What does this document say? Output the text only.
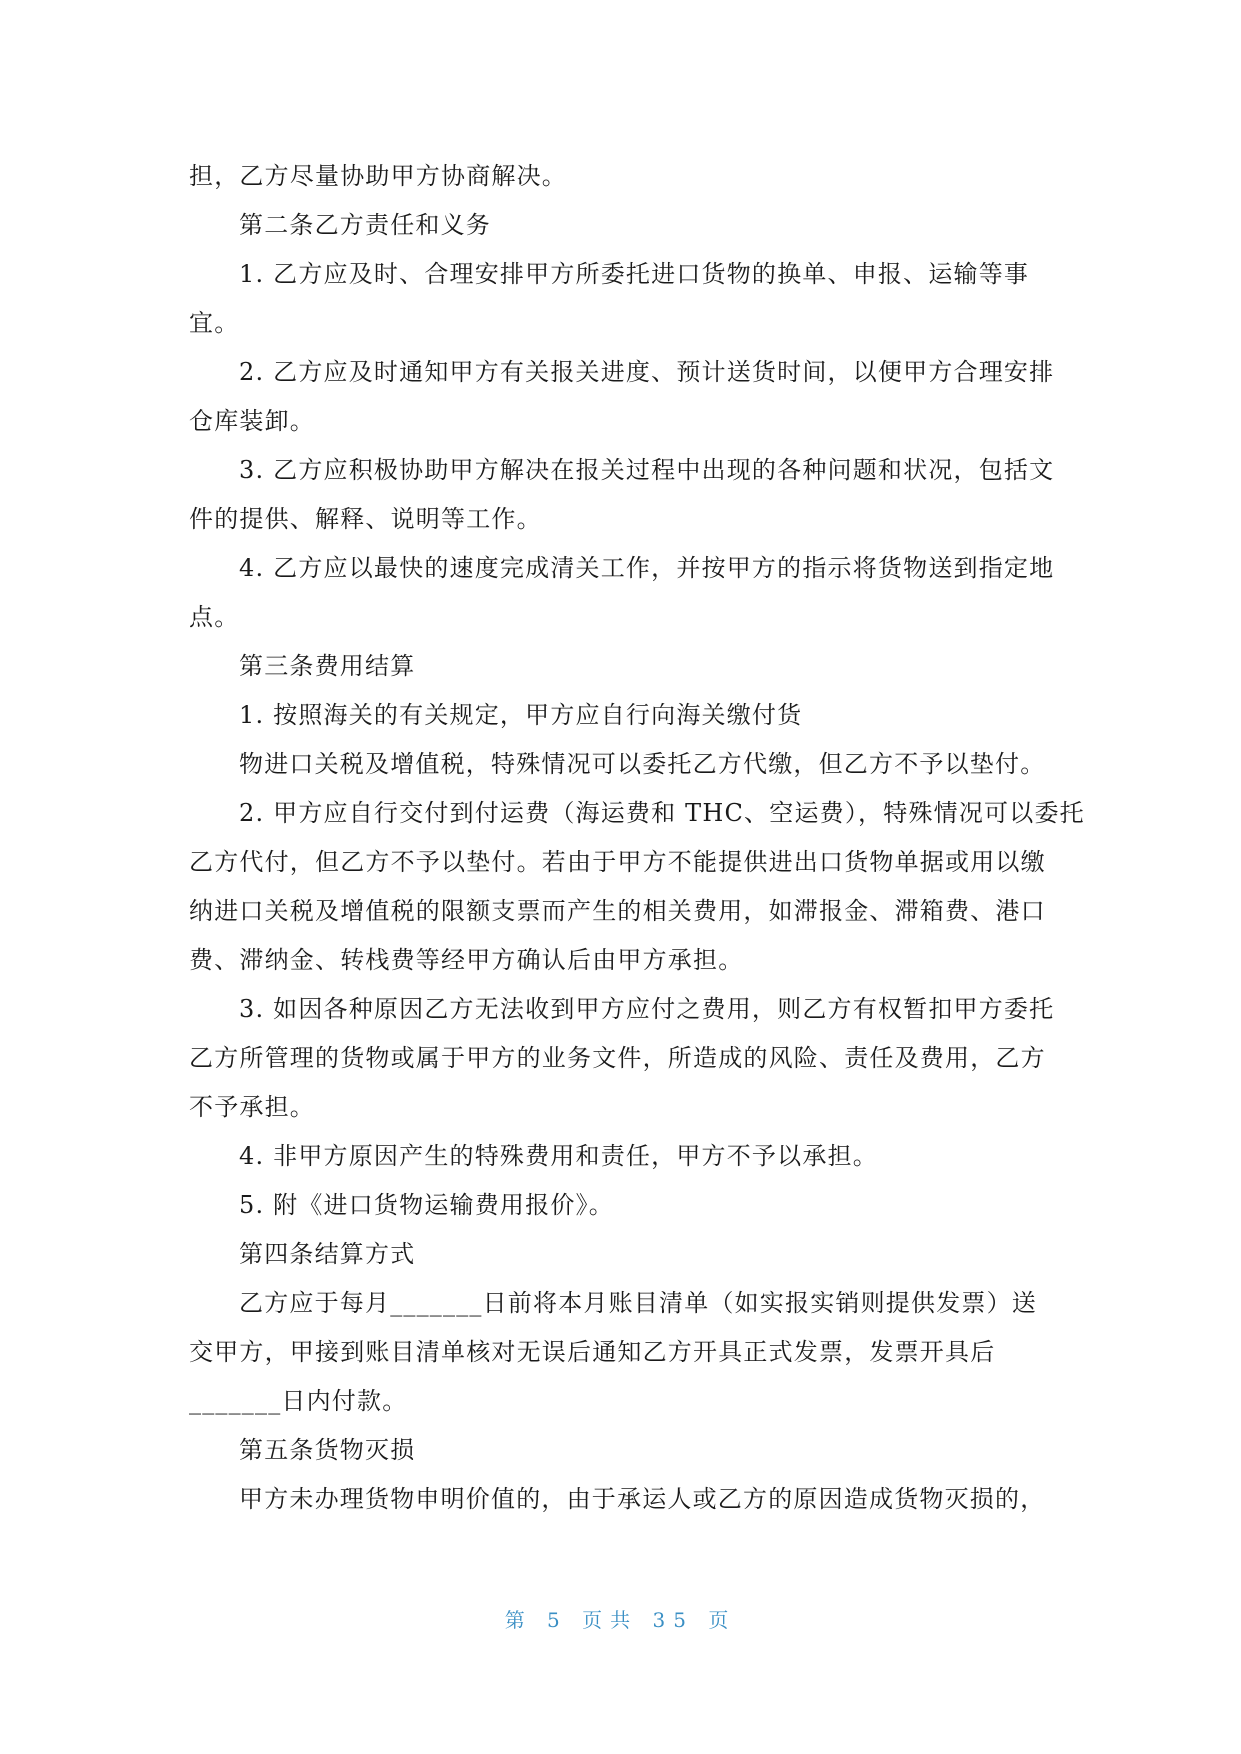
担，乙方尽量协助甲方协商解决。
第二条乙方责任和义务
1. 乙方应及时、合理安排甲方所委托进口货物的换单、申报、运输等事
宜。
2. 乙方应及时通知甲方有关报关进度、预计送货时间，以便甲方合理安排
仓库装卸。
3. 乙方应积极协助甲方解决在报关过程中出现的各种问题和状况，包括文
件的提供、解释、说明等工作。
4. 乙方应以最快的速度完成清关工作，并按甲方的指示将货物送到指定地
点。
第三条费用结算
1. 按照海关的有关规定，甲方应自行向海关缴付货
物进口关税及增值税，特殊情况可以委托乙方代缴，但乙方不予以垫付。
2. 甲方应自行交付到付运费（海运费和 THC、空运费），特殊情况可以委托
乙方代付，但乙方不予以垫付。若由于甲方不能提供进出口货物单据或用以缴
纳进口关税及增值税的限额支票而产生的相关费用，如滞报金、滞箱费、港口
费、滞纳金、转栈费等经甲方确认后由甲方承担。
3. 如因各种原因乙方无法收到甲方应付之费用，则乙方有权暂扣甲方委托
乙方所管理的货物或属于甲方的业务文件，所造成的风险、责任及费用，乙方
不予承担。
4. 非甲方原因产生的特殊费用和责任，甲方不予以承担。
5. 附《进口货物运输费用报价》。
第四条结算方式
乙方应于每月_______日前将本月账目清单（如实报实销则提供发票）送
交甲方，甲接到账目清单核对无误后通知乙方开具正式发票，发票开具后
_______日内付款。
第五条货物灭损
甲方未办理货物申明价值的，由于承运人或乙方的原因造成货物灭损的，
第 5 页共 35 页
